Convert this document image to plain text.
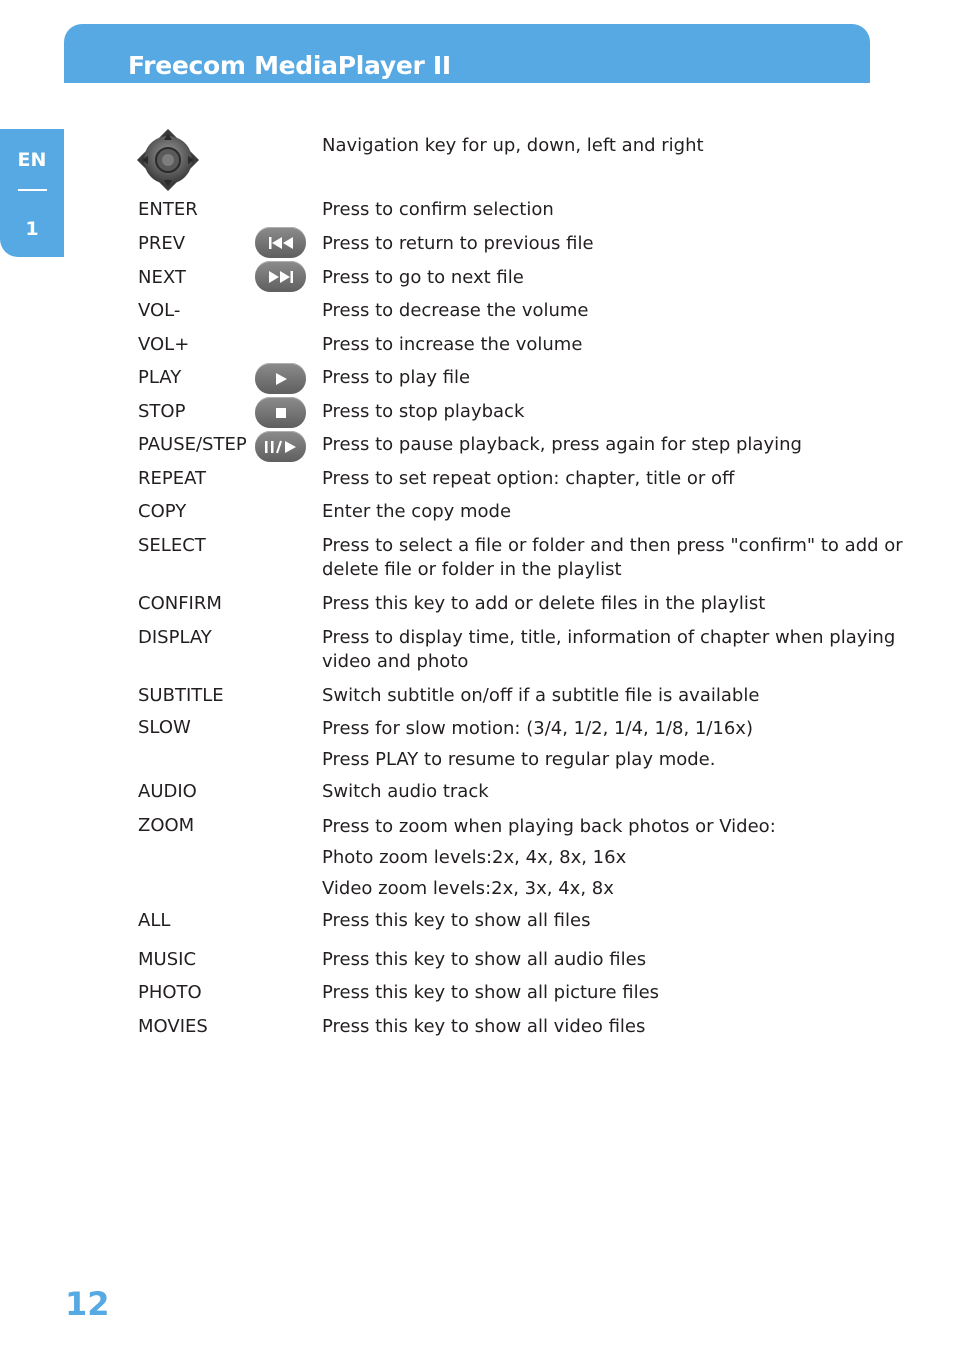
Freecom MediaPlayer II
EN
1
Navigation key for up, down, left and right
ENTER	Press to confirm selection
PREV	Press to return to previous file
NEXT	Press to go to next file
VOL-	Press to decrease the volume
VOL+	Press to increase the volume
PLAY	Press to play file
STOP	Press to stop playback
PAUSE/STEP	Press to pause playback, press again for step playing
REPEAT	Press to set repeat option: chapter, title or off
COPY	Enter the copy mode
SELECT	Press to select a file or folder and then press "confirm" to add or
delete file or folder in the playlist
CONFIRM	Press this key to add or delete files in the playlist
DISPLAY	Press to display time, title, information of chapter when playing
video and photo
SUBTITLE	Switch subtitle on/off if a subtitle file is available
SLOW	Press for slow motion: (3/4, 1/2, 1/4, 1/8, 1/16x)
Press PLAY to resume to regular play mode.
AUDIO	Switch audio track
ZOOM	Press to zoom when playing back photos or Video:
Photo zoom levels:2x, 4x, 8x, 16x
Video zoom levels:2x, 3x, 4x, 8x
ALL	Press this key to show all files
MUSIC	Press this key to show all audio files
PHOTO	Press this key to show all picture files
MOVIES	Press this key to show all video files
12
